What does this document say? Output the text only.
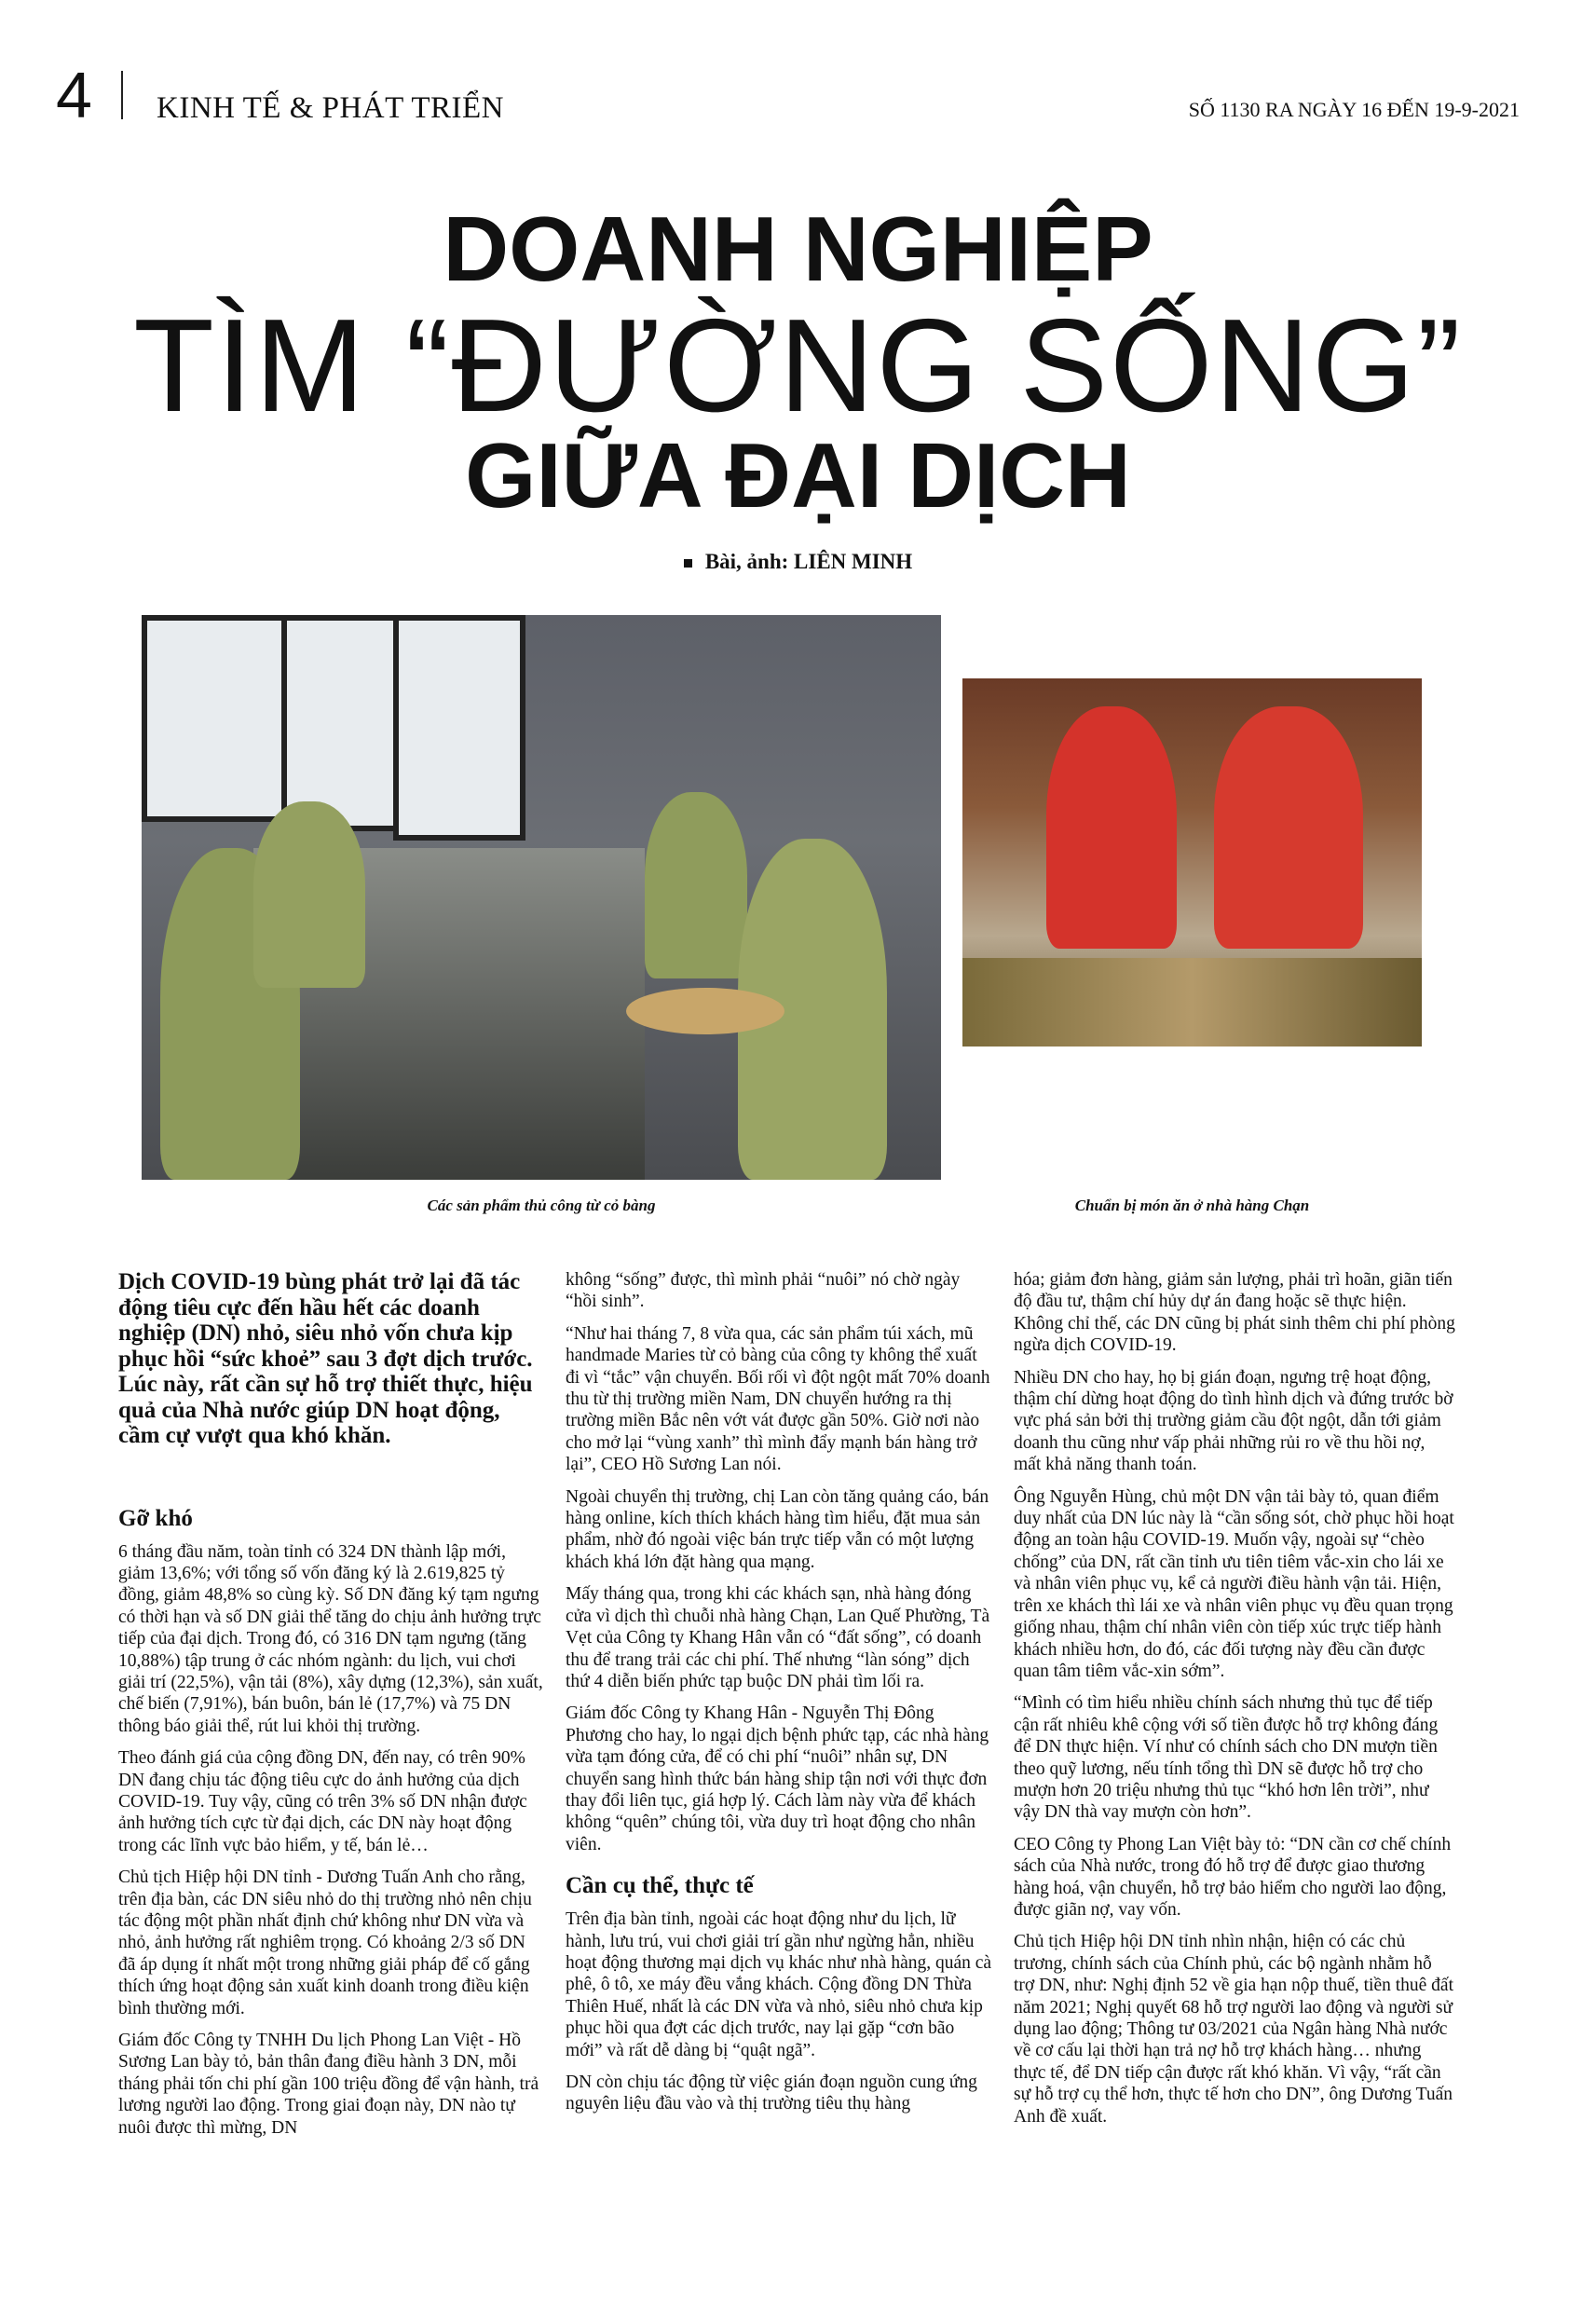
4 KINH TẾ & PHÁT TRIỂN	SỐ 1130 RA NGÀY 16 ĐẾN 19-9-2021
DOANH NGHIỆP
TÌM “ĐƯỜNG SỐNG”
GIỮA ĐẠI DỊCH
Bài, ảnh: LIÊN MINH
Các sản phẩm thủ công từ cỏ bàng	Chuẩn bị món ăn ở nhà hàng Chạn

Dịch COVID-19 bùng phát trở lại đã tác động tiêu cực đến hầu hết các doanh nghiệp (DN) nhỏ, siêu nhỏ vốn chưa kịp phục hồi “sức khoẻ” sau 3 đợt dịch trước. Lúc này, rất cần sự hỗ trợ thiết thực, hiệu quả của Nhà nước giúp DN hoạt động, cầm cự vượt qua khó khăn.

Gỡ khó

6 tháng đầu năm, toàn tỉnh có 324 DN thành lập mới, giảm 13,6%; với tổng số vốn đăng ký là 2.619,825 tỷ đồng, giảm 48,8% so cùng kỳ. Số DN đăng ký tạm ngưng có thời hạn và số DN giải thể tăng do chịu ảnh hưởng trực tiếp của đại dịch. Trong đó, có 316 DN tạm ngưng (tăng 10,88%) tập trung ở các nhóm ngành: du lịch, vui chơi giải trí (22,5%), vận tải (8%), xây dựng (12,3%), sản xuất, chế biến (7,91%), bán buôn, bán lẻ (17,7%) và 75 DN thông báo giải thể, rút lui khỏi thị trường.

Theo đánh giá của cộng đồng DN, đến nay, có trên 90% DN đang chịu tác động tiêu cực do ảnh hưởng của dịch COVID-19. Tuy vậy, cũng có trên 3% số DN nhận được ảnh hưởng tích cực từ đại dịch, các DN này hoạt động trong các lĩnh vực bảo hiểm, y tế, bán lẻ…

Chủ tịch Hiệp hội DN tỉnh - Dương Tuấn Anh cho rằng, trên địa bàn, các DN siêu nhỏ do thị trường nhỏ nên chịu tác động một phần nhất định chứ không như DN vừa và nhỏ, ảnh hưởng rất nghiêm trọng. Có khoảng 2/3 số DN đã áp dụng ít nhất một trong những giải pháp để cố gắng thích ứng hoạt động sản xuất kinh doanh trong điều kiện bình thường mới.

Giám đốc Công ty TNHH Du lịch Phong Lan Việt - Hồ Sương Lan bày tỏ, bản thân đang điều hành 3 DN, mỗi tháng phải tốn chi phí gần 100 triệu đồng để vận hành, trả lương người lao động. Trong giai đoạn này, DN nào tự nuôi được thì mừng, DN

không “sống” được, thì mình phải “nuôi” nó chờ ngày “hồi sinh”.

“Như hai tháng 7, 8 vừa qua, các sản phẩm túi xách, mũ handmade Maries từ cỏ bàng của công ty không thể xuất đi vì “tắc” vận chuyển. Bối rối vì đột ngột mất 70% doanh thu từ thị trường miền Nam, DN chuyển hướng ra thị trường miền Bắc nên vớt vát được gần 50%. Giờ nơi nào cho mở lại “vùng xanh” thì mình đẩy mạnh bán hàng trở lại”, CEO Hồ Sương Lan nói.

Ngoài chuyển thị trường, chị Lan còn tăng quảng cáo, bán hàng online, kích thích khách hàng tìm hiểu, đặt mua sản phẩm, nhờ đó ngoài việc bán trực tiếp vẫn có một lượng khách khá lớn đặt hàng qua mạng.

Mấy tháng qua, trong khi các khách sạn, nhà hàng đóng cửa vì dịch thì chuỗi nhà hàng Chạn, Lan Quế Phường, Tà Vẹt của Công ty Khang Hân vẫn có “đất sống”, có doanh thu để trang trải các chi phí. Thế nhưng “làn sóng” dịch thứ 4 diễn biến phức tạp buộc DN phải tìm lối ra.

Giám đốc Công ty Khang Hân - Nguyễn Thị Đông Phương cho hay, lo ngại dịch bệnh phức tạp, các nhà hàng vừa tạm đóng cửa, để có chi phí “nuôi” nhân sự, DN chuyển sang hình thức bán hàng ship tận nơi với thực đơn thay đổi liên tục, giá hợp lý. Cách làm này vừa để khách không “quên” chúng tôi, vừa duy trì hoạt động cho nhân viên.

Cần cụ thể, thực tế

Trên địa bàn tỉnh, ngoài các hoạt động như du lịch, lữ hành, lưu trú, vui chơi giải trí gần như ngừng hẳn, nhiều hoạt động thương mại dịch vụ khác như nhà hàng, quán cà phê, ô tô, xe máy đều vắng khách. Cộng đồng DN Thừa Thiên Huế, nhất là các DN vừa và nhỏ, siêu nhỏ chưa kịp phục hồi qua đợt các dịch trước, nay lại gặp “cơn bão mới” và rất dễ dàng bị “quật ngã”.

DN còn chịu tác động từ việc gián đoạn nguồn cung ứng nguyên liệu đầu vào và thị trường tiêu thụ hàng

hóa; giảm đơn hàng, giảm sản lượng, phải trì hoãn, giãn tiến độ đầu tư, thậm chí hủy dự án đang hoặc sẽ thực hiện. Không chỉ thế, các DN cũng bị phát sinh thêm chi phí phòng ngừa dịch COVID-19.

Nhiều DN cho hay, họ bị gián đoạn, ngưng trệ hoạt động, thậm chí dừng hoạt động do tình hình dịch và đứng trước bờ vực phá sản bởi thị trường giảm cầu đột ngột, dẫn tới giảm doanh thu cũng như vấp phải những rủi ro về thu hồi nợ, mất khả năng thanh toán.

Ông Nguyễn Hùng, chủ một DN vận tải bày tỏ, quan điểm duy nhất của DN lúc này là “cần sống sót, chờ phục hồi hoạt động an toàn hậu COVID-19. Muốn vậy, ngoài sự “chèo chống” của DN, rất cần tỉnh ưu tiên tiêm vắc-xin cho lái xe và nhân viên phục vụ, kể cả người điều hành vận tải. Hiện, trên xe khách thì lái xe và nhân viên phục vụ đều quan trọng giống nhau, thậm chí nhân viên còn tiếp xúc trực tiếp hành khách nhiều hơn, do đó, các đối tượng này đều cần được quan tâm tiêm vắc-xin sớm”.

“Mình có tìm hiểu nhiều chính sách nhưng thủ tục để tiếp cận rất nhiêu khê cộng với số tiền được hỗ trợ không đáng để DN thực hiện. Ví như có chính sách cho DN mượn tiền theo quỹ lương, nếu tính tổng thì DN sẽ được hỗ trợ cho mượn hơn 20 triệu nhưng thủ tục “khó hơn lên trời”, như vậy DN thà vay mượn còn hơn”.

CEO Công ty Phong Lan Việt bày tỏ: “DN cần cơ chế chính sách của Nhà nước, trong đó hỗ trợ để được giao thương hàng hoá, vận chuyển, hỗ trợ bảo hiểm cho người lao động, được giãn nợ, vay vốn.

Chủ tịch Hiệp hội DN tỉnh nhìn nhận, hiện có các chủ trương, chính sách của Chính phủ, các bộ ngành nhằm hỗ trợ DN, như: Nghị định 52 về gia hạn nộp thuế, tiền thuê đất năm 2021; Nghị quyết 68 hỗ trợ người lao động và người sử dụng lao động; Thông tư 03/2021 của Ngân hàng Nhà nước về cơ cấu lại thời hạn trả nợ hỗ trợ khách hàng… nhưng thực tế, để DN tiếp cận được rất khó khăn. Vì vậy, “rất cần sự hỗ trợ cụ thể hơn, thực tế hơn cho DN”, ông Dương Tuấn Anh đề xuất.
